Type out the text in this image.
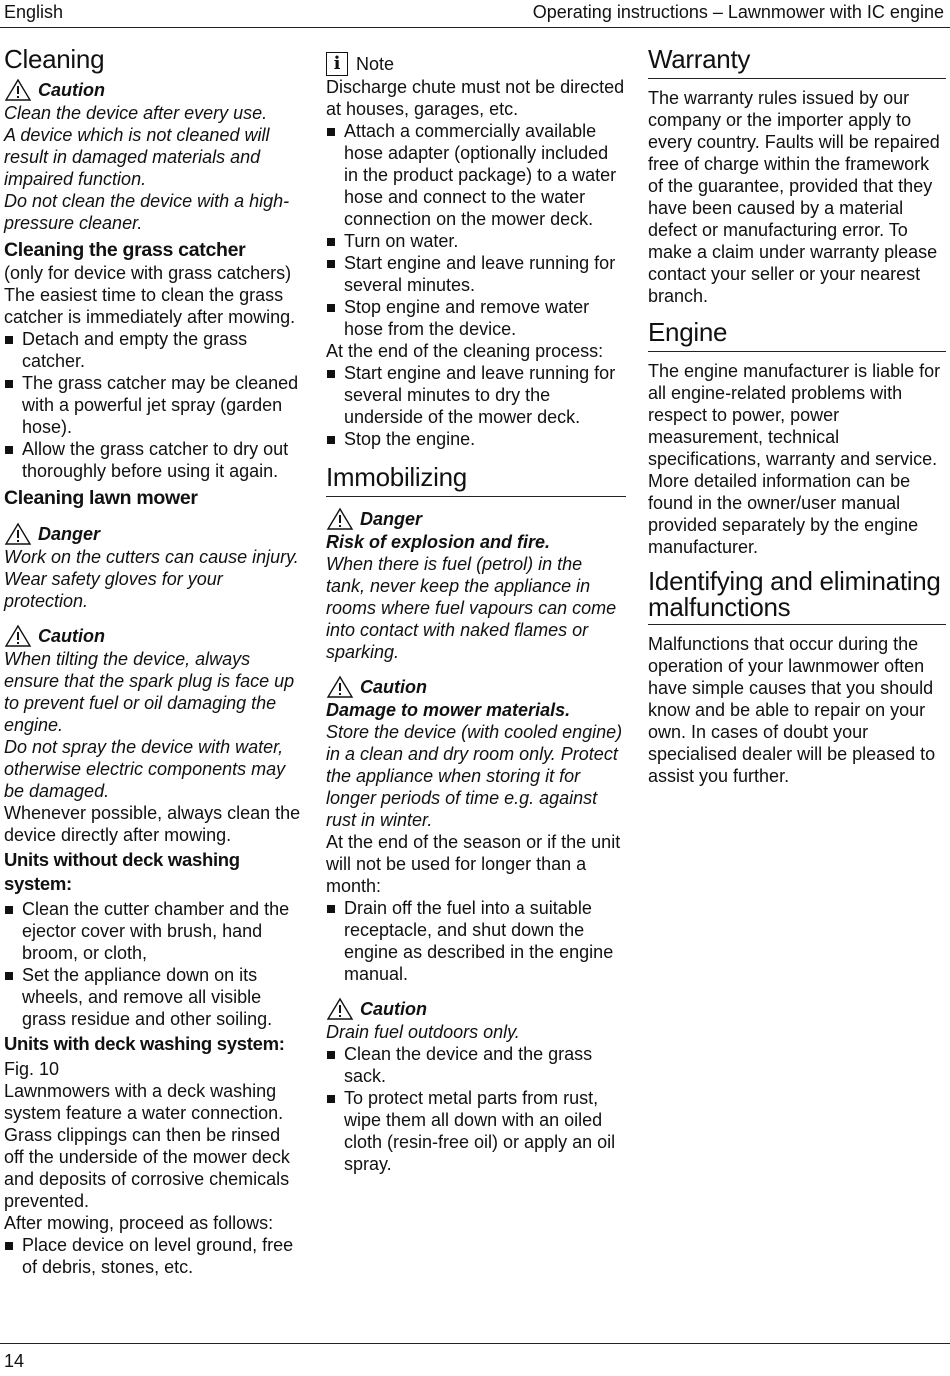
English	Operating instructions – Lawnmower with IC engine
Cleaning
Caution

Clean the device after every use.

A device which is not cleaned will result in damaged materials and impaired function.

Do not clean the device with a high-pressure cleaner.

Cleaning the grass catcher

(only for device with grass catchers)

The easiest time to clean the grass catcher is immediately after mowing.

Detach and empty the grass catcher.
The grass catcher may be cleaned with a powerful jet spray (garden hose).
Allow the grass catcher to dry out thoroughly before using it again.
Cleaning lawn mower
Danger

Work on the cutters can cause injury. Wear safety gloves for your protection.

Caution

When tilting the device, always ensure that the spark plug is face up to prevent fuel or oil damaging the engine.

Do not spray the device with water, otherwise electric components may be damaged.

Whenever possible, always clean the device directly after mowing.

Units without deck washing system:
Clean the cutter chamber and the ejector cover with brush, hand broom, or cloth,
Set the appliance down on its wheels, and remove all visible grass residue and other soiling.
Units with deck washing system:

Fig. 10

Lawnmowers with a deck washing system feature a water connection. Grass clippings can then be rinsed off the underside of the mower deck and deposits of corrosive chemicals prevented.

After mowing, proceed as follows:

Place device on level ground, free of debris, stones, etc.
i Note

Discharge chute must not be directed at houses, garages, etc.

Attach a commercially available hose adapter (optionally included in the product package) to a water hose and connect to the water connection on the mower deck.
Turn on water.
Start engine and leave running for several minutes.
Stop engine and remove water hose from the device.

At the end of the cleaning process:

Start engine and leave running for several minutes to dry the underside of the mower deck.
Stop the engine.
Immobilizing
Danger

Risk of explosion and fire.

When there is fuel (petrol) in the tank, never keep the appliance in rooms where fuel vapours can come into contact with naked flames or sparking.

Caution

Damage to mower materials.

Store the device (with cooled engine) in a clean and dry room only. Protect the appliance when storing it for longer periods of time e.g. against rust in winter.

At the end of the season or if the unit will not be used for longer than a month:

Drain off the fuel into a suitable receptacle, and shut down the engine as described in the engine manual.
Caution

Drain fuel outdoors only.

Clean the device and the grass sack.
To protect metal parts from rust, wipe them all down with an oiled cloth (resin-free oil) or apply an oil spray.
Warranty

The warranty rules issued by our company or the importer apply to every country. Faults will be repaired free of charge within the framework of the guarantee, provided that they have been caused by a material defect or manufacturing error. To make a claim under warranty please contact your seller or your nearest branch.

Engine

The engine manufacturer is liable for all engine-related problems with respect to power, power measurement, technical specifications, warranty and service. More detailed information can be found in the owner/user manual provided separately by the engine manufacturer.

Identifying and eliminating malfunctions

Malfunctions that occur during the operation of your lawnmower often have simple causes that you should know and be able to repair on your own. In cases of doubt your specialised dealer will be pleased to assist you further.

14
